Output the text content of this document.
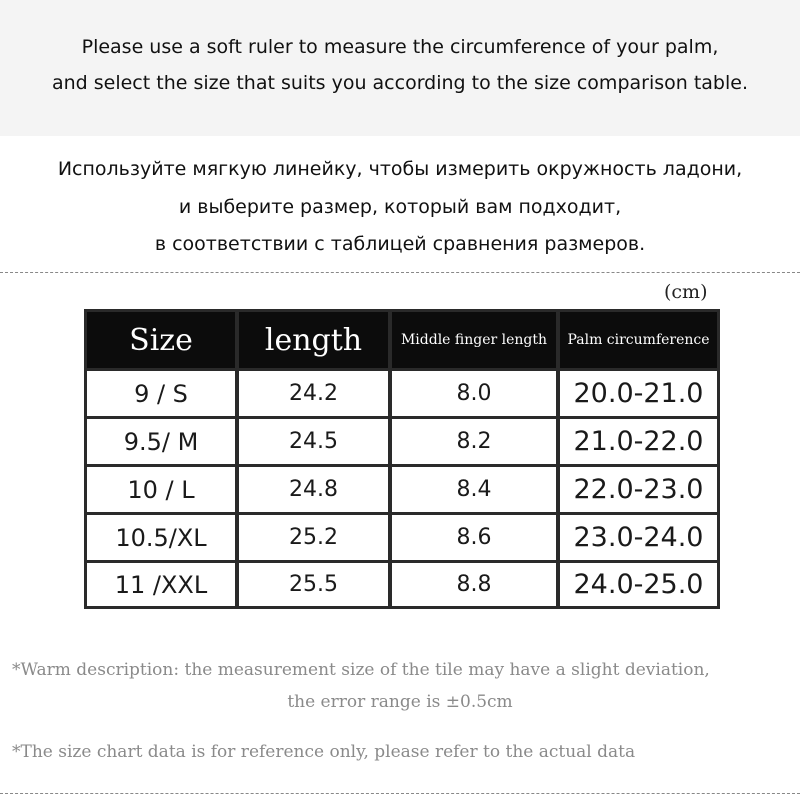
Please use a soft ruler to measure the circumference of your palm,
and select the size that suits you according to the size comparison table.
Используйте мягкую линейку, чтобы измерить окружность ладони,
и выберите размер, который вам подходит,
в соответствии с таблицей сравнения размеров.
(cm)
Size	length	Middle finger length	Palm circumference
9 / S	24.2	8.0	20.0-21.0
9.5/ M	24.5	8.2	21.0-22.0
10 / L	24.8	8.4	22.0-23.0
10.5/XL	25.2	8.6	23.0-24.0
11 /XXL	25.5	8.8	24.0-25.0
*Warm description: the measurement size of the tile may have a slight deviation,
the error range is ±0.5cm
*The size chart data is for reference only, please refer to the actual data
